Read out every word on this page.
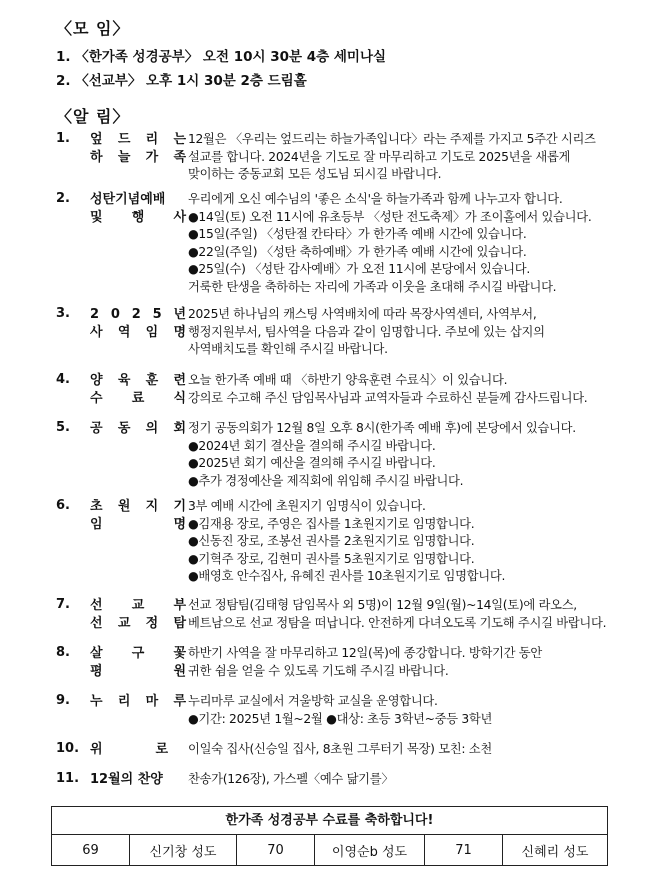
〈모 임〉
1. 〈한가족 성경공부〉 오전 10시 30분 4층 세미나실
2. 〈선교부〉 오후 1시 30분 2층 드림홀
〈알 림〉
1. 엎 드 리 는
하 늘 가 족
12월은 〈우리는 엎드리는 하늘가족입니다〉라는 주제를 가지고 5주간 시리즈
설교를 합니다. 2024년을 기도로 잘 마무리하고 기도로 2025년을 새롭게
맞이하는 중동교회 모든 성도님 되시길 바랍니다.
2. 성탄기념예배
및 행 사
우리에게 오신 예수님의 '좋은 소식'을 하늘가족과 함께 나누고자 합니다.
●14일(토) 오전 11시에 유초등부 〈성탄 전도축제〉가 조이홀에서 있습니다.
●15일(주일) 〈성탄절 칸타타〉가 한가족 예배 시간에 있습니다.
●22일(주일) 〈성탄 축하예배〉가 한가족 예배 시간에 있습니다.
●25일(수) 〈성탄 감사예배〉가 오전 11시에 본당에서 있습니다.
거룩한 탄생을 축하하는 자리에 가족과 이웃을 초대해 주시길 바랍니다.
3. 2 0 2 5 년
사 역 임 명
2025년 하나님의 캐스팅 사역배치에 따라 목장사역센터, 사역부서,
행정지원부서, 팀사역을 다음과 같이 임명합니다. 주보에 있는 삽지의
사역배치도를 확인해 주시길 바랍니다.
4. 양 육 훈 련
수 료 식
오늘 한가족 예배 때 〈하반기 양육훈련 수료식〉이 있습니다.
강의로 수고해 주신 담임목사님과 교역자들과 수료하신 분들께 감사드립니다.
5. 공 동 의 회 정기 공동의회가 12월 8일 오후 8시(한가족 예배 후)에 본당에서 있습니다.
●2024년 회기 결산을 결의해 주시길 바랍니다.
●2025년 회기 예산을 결의해 주시길 바랍니다.
●추가 경정예산을 제직회에 위임해 주시길 바랍니다.
6. 초 원 지 기
임	명
3부 예배 시간에 초원지기 임명식이 있습니다.
●김재용 장로, 주영은 집사를 1초원지기로 임명합니다.
●신동진 장로, 조봉선 권사를 2초원지기로 임명합니다.
●기혁주 장로, 김현미 권사를 5초원지기로 임명합니다.
●배영호 안수집사, 유혜진 권사를 10초원지기로 임명합니다.
7. 선 교 부
선 교 정 탐
선교 정탐팀(김태형 담임목사 외 5명)이 12월 9일(월)~14일(토)에 라오스,
베트남으로 선교 정탐을 떠납니다. 안전하게 다녀오도록 기도해 주시길 바랍니다.
8. 살 구 꽃
평	원
하반기 사역을 잘 마무리하고 12일(목)에 종강합니다. 방학기간 동안
귀한 쉼을 얻을 수 있도록 기도해 주시길 바랍니다.
9. 누 리 마 루 누리마루 교실에서 겨울방학 교실을 운영합니다.
●기간: 2025년 1월~2월 ●대상: 초등 3학년~중등 3학년
10. 위	로 이일숙 집사(신승일 집사, 8초원 그루터기 목장) 모친: 소천
11. 12월의 찬양	찬송가(126장), 가스펠〈예수 닮기를〉
한가족 성경공부 수료를 축하합니다!
69	신기창 성도	70	이영순b 성도	71	신혜리 성도
